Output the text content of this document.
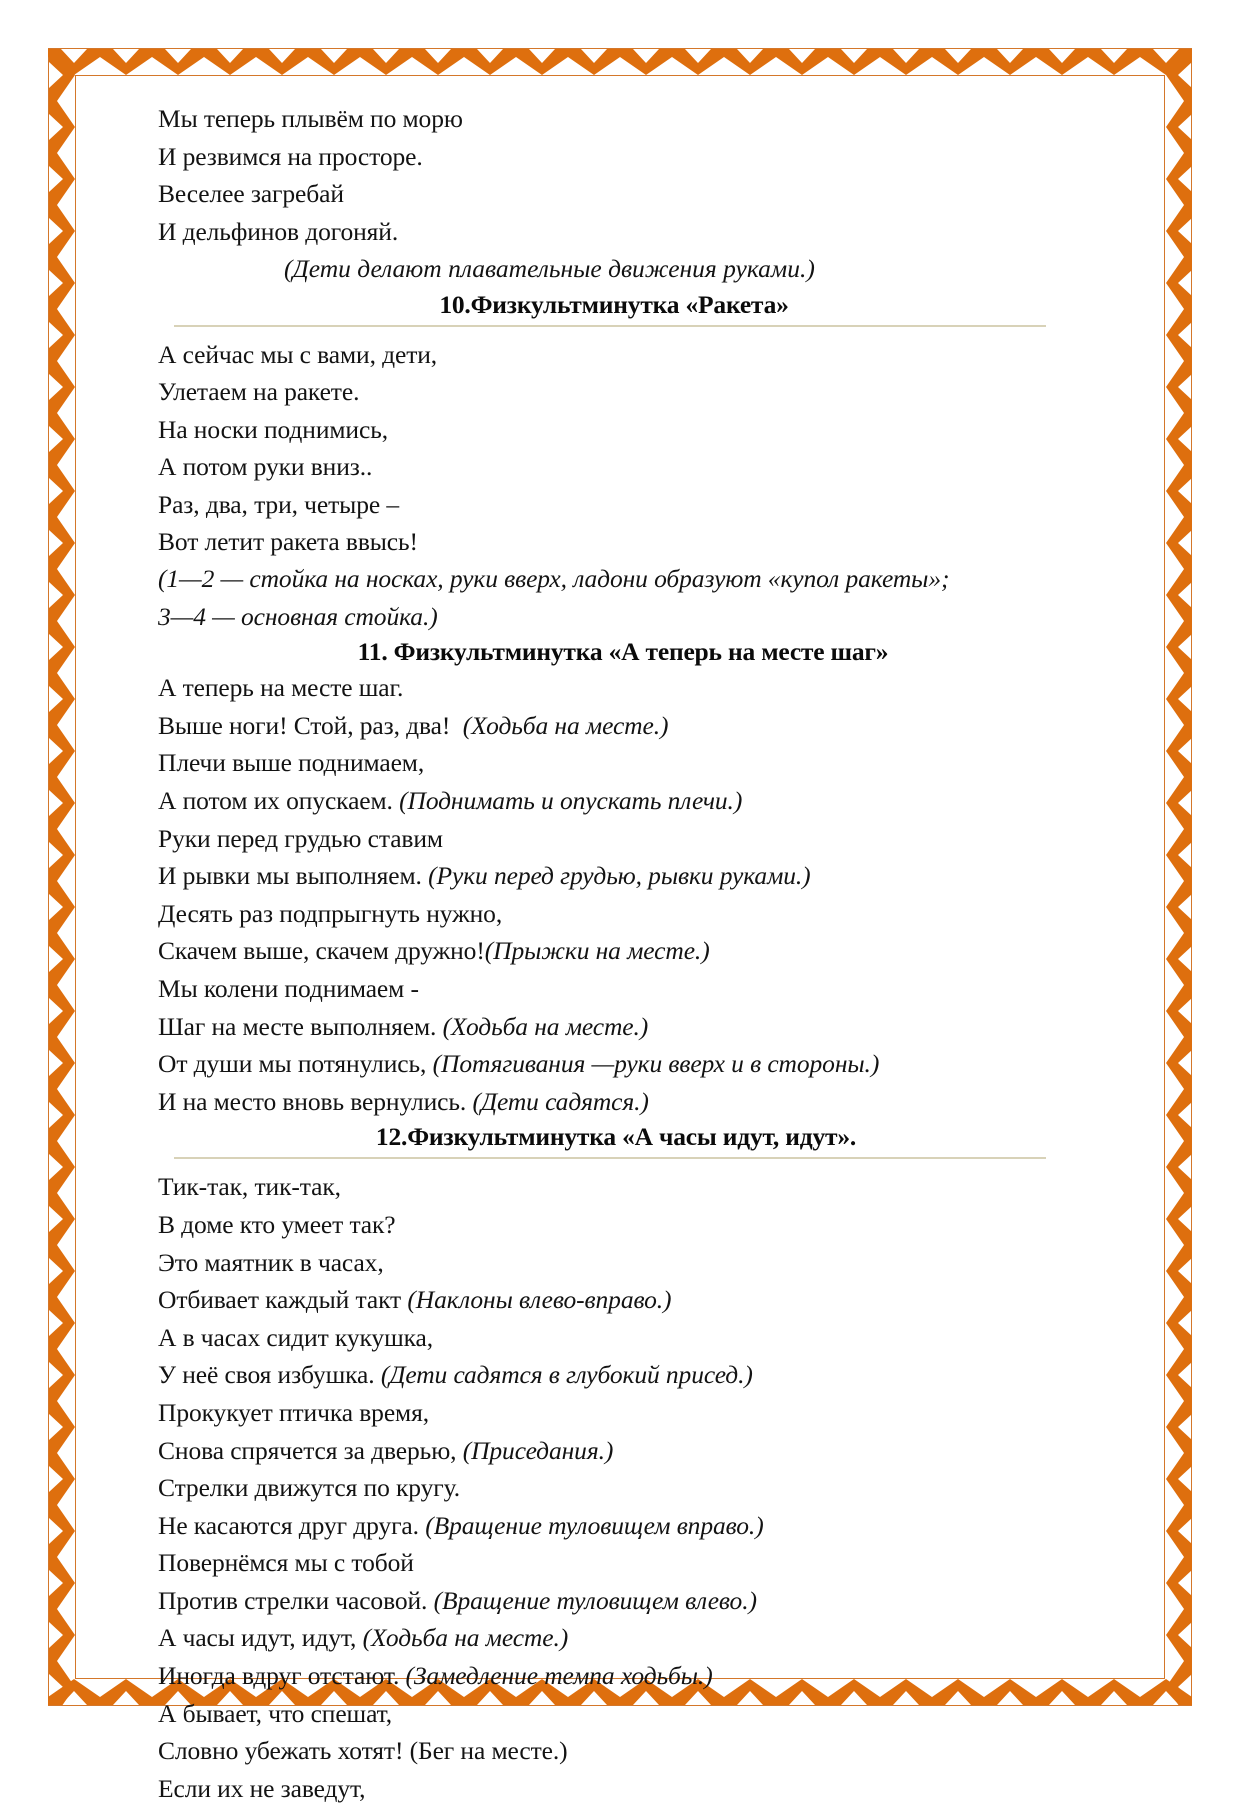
Мы теперь плывём по морю
И резвимся на просторе.
Веселее загребай
И дельфинов догоняй.
(Дети делают плавательные движения руками.)
10.Физкультминутка «Ракета»
А сейчас мы с вами, дети,
Улетаем на ракете.
На носки поднимись,
А потом руки вниз..
Раз, два, три, четыре –
Вот летит ракета ввысь!
(1—2 — стойка на носках, руки вверх, ладони образуют «купол ракеты»;
3—4 — основная стойка.)
11. Физкультминутка «А теперь на месте шаг»
А теперь на месте шаг.
Выше ноги! Стой, раз, два!  (Ходьба на месте.)
Плечи выше поднимаем,
А потом их опускаем. (Поднимать и опускать плечи.)
Руки перед грудью ставим
И рывки мы выполняем. (Руки перед грудью, рывки руками.)
Десять раз подпрыгнуть нужно,
Скачем выше, скачем дружно!(Прыжки на месте.)
Мы колени поднимаем -
Шаг на месте выполняем. (Ходьба на месте.)
От души мы потянулись, (Потягивания —руки вверх и в стороны.)
И на место вновь вернулись. (Дети садятся.)
12.Физкультминутка «А часы идут, идут».
Тик-так, тик-так,
В доме кто умеет так?
Это маятник в часах,
Отбивает каждый такт (Наклоны влево-вправо.)
А в часах сидит кукушка,
У неё своя избушка. (Дети садятся в глубокий присед.)
Прокукует птичка время,
Снова спрячется за дверью, (Приседания.)
Стрелки движутся по кругу.
Не касаются друг друга. (Вращение туловищем вправо.)
Повернёмся мы с тобой
Против стрелки часовой. (Вращение туловищем влево.)
А часы идут, идут, (Ходьба на месте.)
Иногда вдруг отстают. (Замедление темпа ходьбы.)
А бывает, что спешат,
Словно убежать хотят! (Бег на месте.)
Если их не заведут,
